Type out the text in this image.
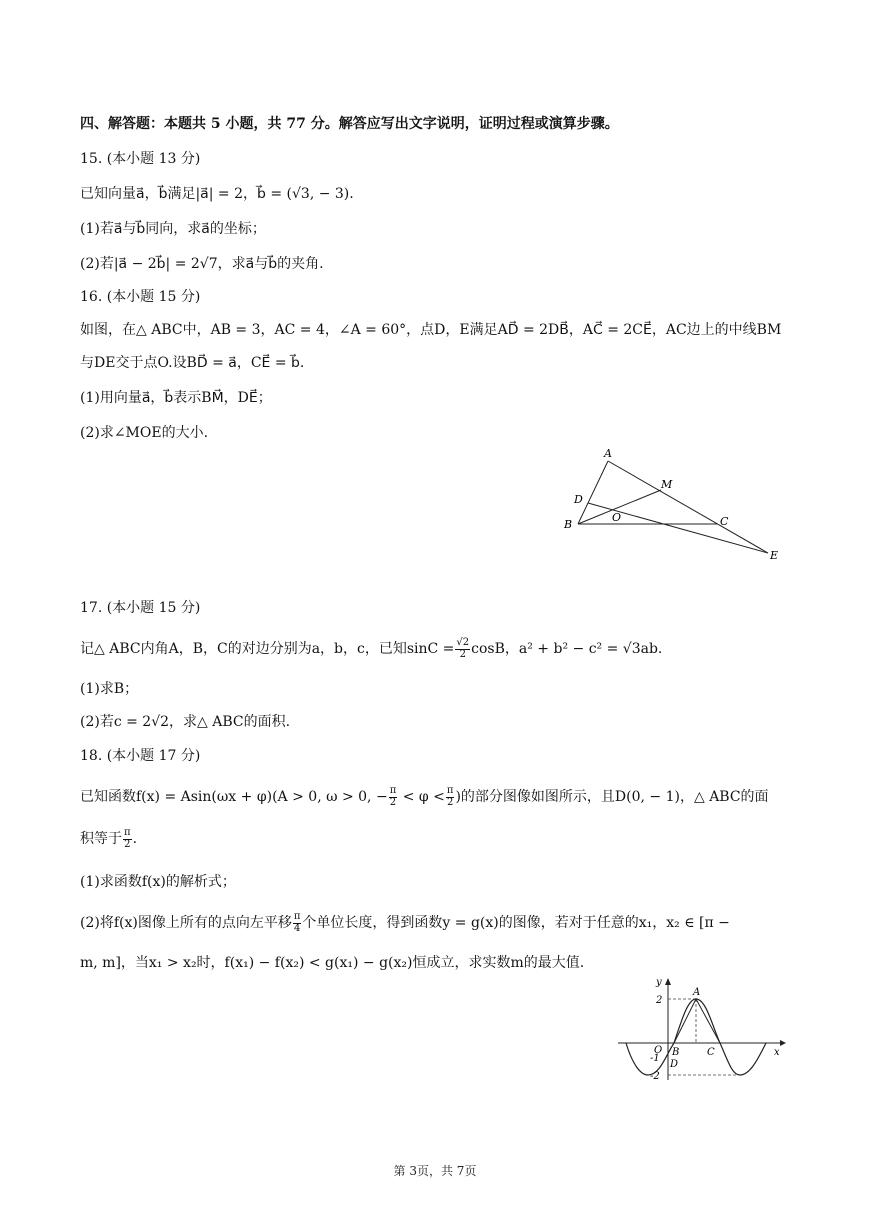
四、解答题：本题共 5 小题，共 77 分。解答应写出文字说明，证明过程或演算步骤。
15. (本小题 13 分)
已知向量a⃗，b⃗满足|a⃗| = 2，b⃗ = (√3, − 3).
(1)若a⃗与b⃗同向，求a⃗的坐标；
(2)若|a⃗ − 2b⃗| = 2√7，求a⃗与b⃗的夹角.
16. (本小题 15 分)
如图，在△ ABC中，AB = 3，AC = 4，∠A = 60°，点D，E满足AD⃗ = 2DB⃗，AC⃗ = 2CE⃗，AC边上的中线BM
与DE交于点O.设BD⃗ = a⃗，CE⃗ = b⃗.
(1)用向量a⃗，b⃗表示BM⃗，DE⃗；
(2)求∠MOE的大小.
A
M
D
O
B	C
E
17. (本小题 15 分)
记△ ABC内角A，B，C的对边分别为a，b，c，已知$\sin C = \frac{√2}{2}$ cosB，a² + b² − c² = √3ab.
(1)求B；
(2)若c = 2√2，求△ ABC的面积.
18. (本小题 17 分)
已知函数f(x) = Asin(ωx + φ)(A > 0, ω > 0, − $\frac{\pi}{2} < \varphi < \frac{\pi}{2}$ )的部分图像如图所示，且D(0, − 1)，△ ABC的面
积等于 $\frac{\pi}{2}$ .
(1)求函数f(x)的解析式；
(2)将f(x)图像上所有的点向左平移 $\frac{\pi}{4}$ 个单位长度，得到函数y = g(x)的图像，若对于任意的x₁，x₂ ∈ [π −
m, m]，当x₁ > x₂时，f(x₁) − f(x₂) < g(x₁) − g(x₂)恒成立，求实数m的最大值.
y
x
2
-1
-2
O
A
B	C
D
第 3页，共 7页
